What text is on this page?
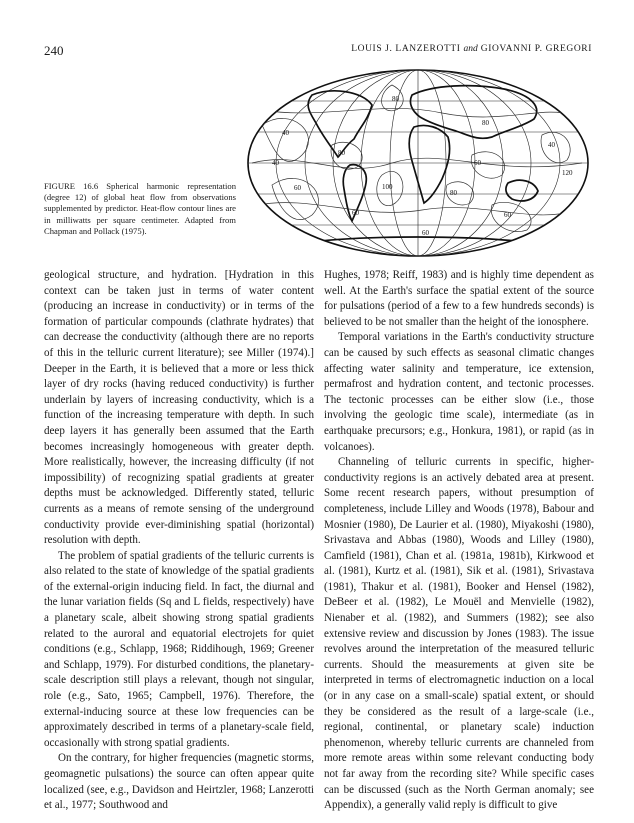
240	LOUIS J. LANZEROTTI and GIOVANNI P. GREGORI
FIGURE 16.6 Spherical harmonic representation (degree 12) of global heat flow from observations supplemented by predictor. Heat-flow contour lines are in milliwatts per square centimeter. Adapted from Chapman and Pollack (1975).
40
60
80
100
80
60
40
60
80
120
60
80
40
60

geological structure, and hydration. [Hydration in this context can be taken just in terms of water content (producing an increase in conductivity) or in terms of the formation of particular compounds (clathrate hydrates) that can decrease the conductivity (although there are no reports of this in the telluric current literature); see Miller (1974).] Deeper in the Earth, it is believed that a more or less thick layer of dry rocks (having reduced conductivity) is further underlain by layers of increasing conductivity, which is a function of the increasing temperature with depth. In such deep layers it has generally been assumed that the Earth becomes increasingly homogeneous with greater depth. More realistically, however, the increasing difficulty (if not impossibility) of recognizing spatial gradients at greater depths must be acknowledged. Differently stated, telluric currents as a means of remote sensing of the underground conductivity provide ever-diminishing spatial (horizontal) resolution with depth.

The problem of spatial gradients of the telluric currents is also related to the state of knowledge of the spatial gradients of the external-origin inducing field. In fact, the diurnal and the lunar variation fields (Sq and L fields, respectively) have a planetary scale, albeit showing strong spatial gradients related to the auroral and equatorial electrojets for quiet conditions (e.g., Schlapp, 1968; Riddihough, 1969; Greener and Schlapp, 1979). For disturbed conditions, the planetary-scale description still plays a relevant, though not singular, role (e.g., Sato, 1965; Campbell, 1976). Therefore, the external-inducing source at these low frequencies can be approximately described in terms of a planetary-scale field, occasionally with strong spatial gradients.

On the contrary, for higher frequencies (magnetic storms, geomagnetic pulsations) the source can often appear quite localized (see, e.g., Davidson and Heirtzler, 1968; Lanzerotti et al., 1977; Southwood and

Hughes, 1978; Reiff, 1983) and is highly time dependent as well. At the Earth's surface the spatial extent of the source for pulsations (period of a few to a few hundreds seconds) is believed to be not smaller than the height of the ionosphere.

Temporal variations in the Earth's conductivity structure can be caused by such effects as seasonal climatic changes affecting water salinity and temperature, ice extension, permafrost and hydration content, and tectonic processes. The tectonic processes can be either slow (i.e., those involving the geologic time scale), intermediate (as in earthquake precursors; e.g., Honkura, 1981), or rapid (as in volcanoes).

Channeling of telluric currents in specific, higher-conductivity regions is an actively debated area at present. Some recent research papers, without presumption of completeness, include Lilley and Woods (1978), Babour and Mosnier (1980), De Laurier et al. (1980), Miyakoshi (1980), Srivastava and Abbas (1980), Woods and Lilley (1980), Camfield (1981), Chan et al. (1981a, 1981b), Kirkwood et al. (1981), Kurtz et al. (1981), Sik et al. (1981), Srivastava (1981), Thakur et al. (1981), Booker and Hensel (1982), DeBeer et al. (1982), Le Mouël and Menvielle (1982), Nienaber et al. (1982), and Summers (1982); see also extensive review and discussion by Jones (1983). The issue revolves around the interpretation of the measured telluric currents. Should the measurements at given site be interpreted in terms of electromagnetic induction on a local (or in any case on a small-scale) spatial extent, or should they be considered as the result of a large-scale (i.e., regional, continental, or planetary scale) induction phenomenon, whereby telluric currents are channeled from more remote areas within some relevant conducting body not far away from the recording site? While specific cases can be discussed (such as the North German anomaly; see Appendix), a generally valid reply is difficult to give
